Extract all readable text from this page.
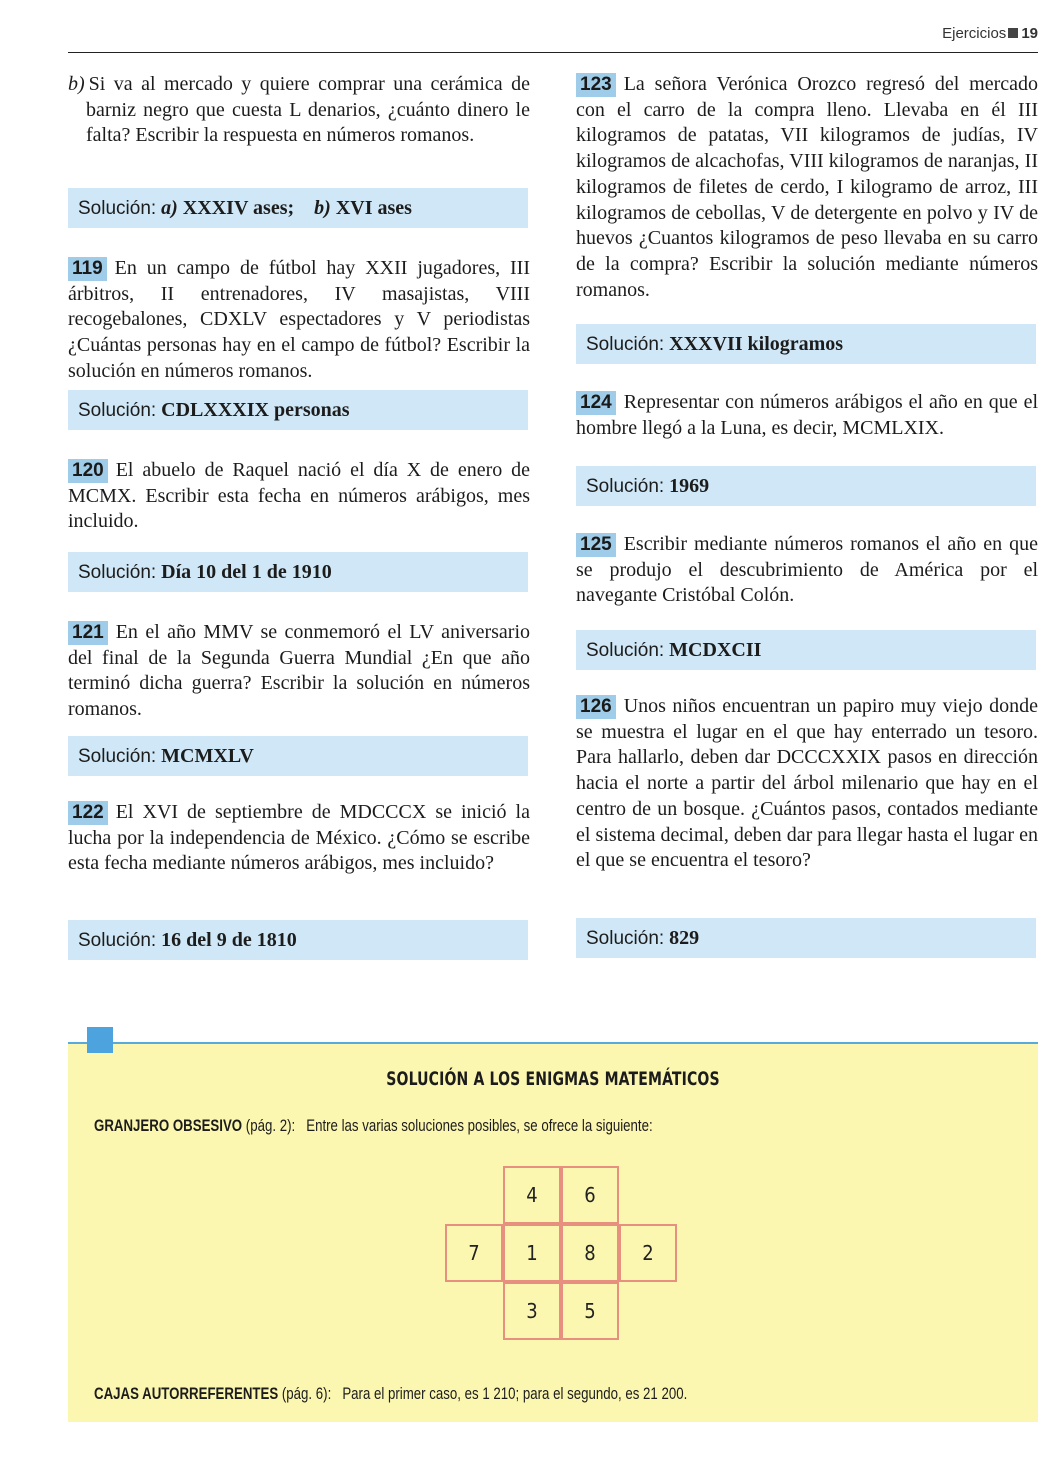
Ejercicios 19
b) Si va al mercado y quiere comprar una cerámica de barniz negro que cuesta L denarios, ¿cuánto dinero le falta? Escribir la respuesta en números romanos.
Solución: a) XXXIV ases; b) XVI ases
119 En un campo de fútbol hay XXII jugadores, III árbitros, II entrenadores, IV masajistas, VIII recogebalones, CDXLV espectadores y V periodistas ¿Cuántas personas hay en el campo de fútbol? Escribir la solución en números romanos.
Solución: CDLXXXIX personas
120 El abuelo de Raquel nació el día X de enero de MCMX. Escribir esta fecha en números arábigos, mes incluido.
Solución: Día 10 del 1 de 1910
121 En el año MMV se conmemoró el LV aniversario del final de la Segunda Guerra Mundial ¿En que año terminó dicha guerra? Escribir la solución en números romanos.
Solución: MCMXLV
122 El XVI de septiembre de MDCCCX se inició la lucha por la independencia de México. ¿Cómo se escribe esta fecha mediante números arábigos, mes incluido?
Solución: 16 del 9 de 1810
123 La señora Verónica Orozco regresó del mercado con el carro de la compra lleno. Llevaba en él III kilogramos de patatas, VII kilogramos de judías, IV kilogramos de alcachofas, VIII kilogramos de naranjas, II kilogramos de filetes de cerdo, I kilogramo de arroz, III kilogramos de cebollas, V de detergente en polvo y IV de huevos ¿Cuantos kilogramos de peso llevaba en su carro de la compra? Escribir la solución mediante números romanos.
Solución: XXXVII kilogramos
124 Representar con números arábigos el año en que el hombre llegó a la Luna, es decir, MCMLXIX.
Solución: 1969
125 Escribir mediante números romanos el año en que se produjo el descubrimiento de América por el navegante Cristóbal Colón.
Solución: MCDXCII
126 Unos niños encuentran un papiro muy viejo donde se muestra el lugar en el que hay enterrado un tesoro. Para hallarlo, deben dar DCCCXXIX pasos en dirección hacia el norte a partir del árbol milenario que hay en el centro de un bosque. ¿Cuántos pasos, contados mediante el sistema decimal, deben dar para llegar hasta el lugar en el que se encuentra el tesoro?
Solución: 829
SOLUCIÓN A LOS ENIGMAS MATEMÁTICOS
GRANJERO OBSESIVO (pág. 2): Entre las varias soluciones posibles, se ofrece la siguiente:
4	6
7	1	8	2
3	5
CAJAS AUTORREFERENTES (pág. 6): Para el primer caso, es 1 210; para el segundo, es 21 200.
